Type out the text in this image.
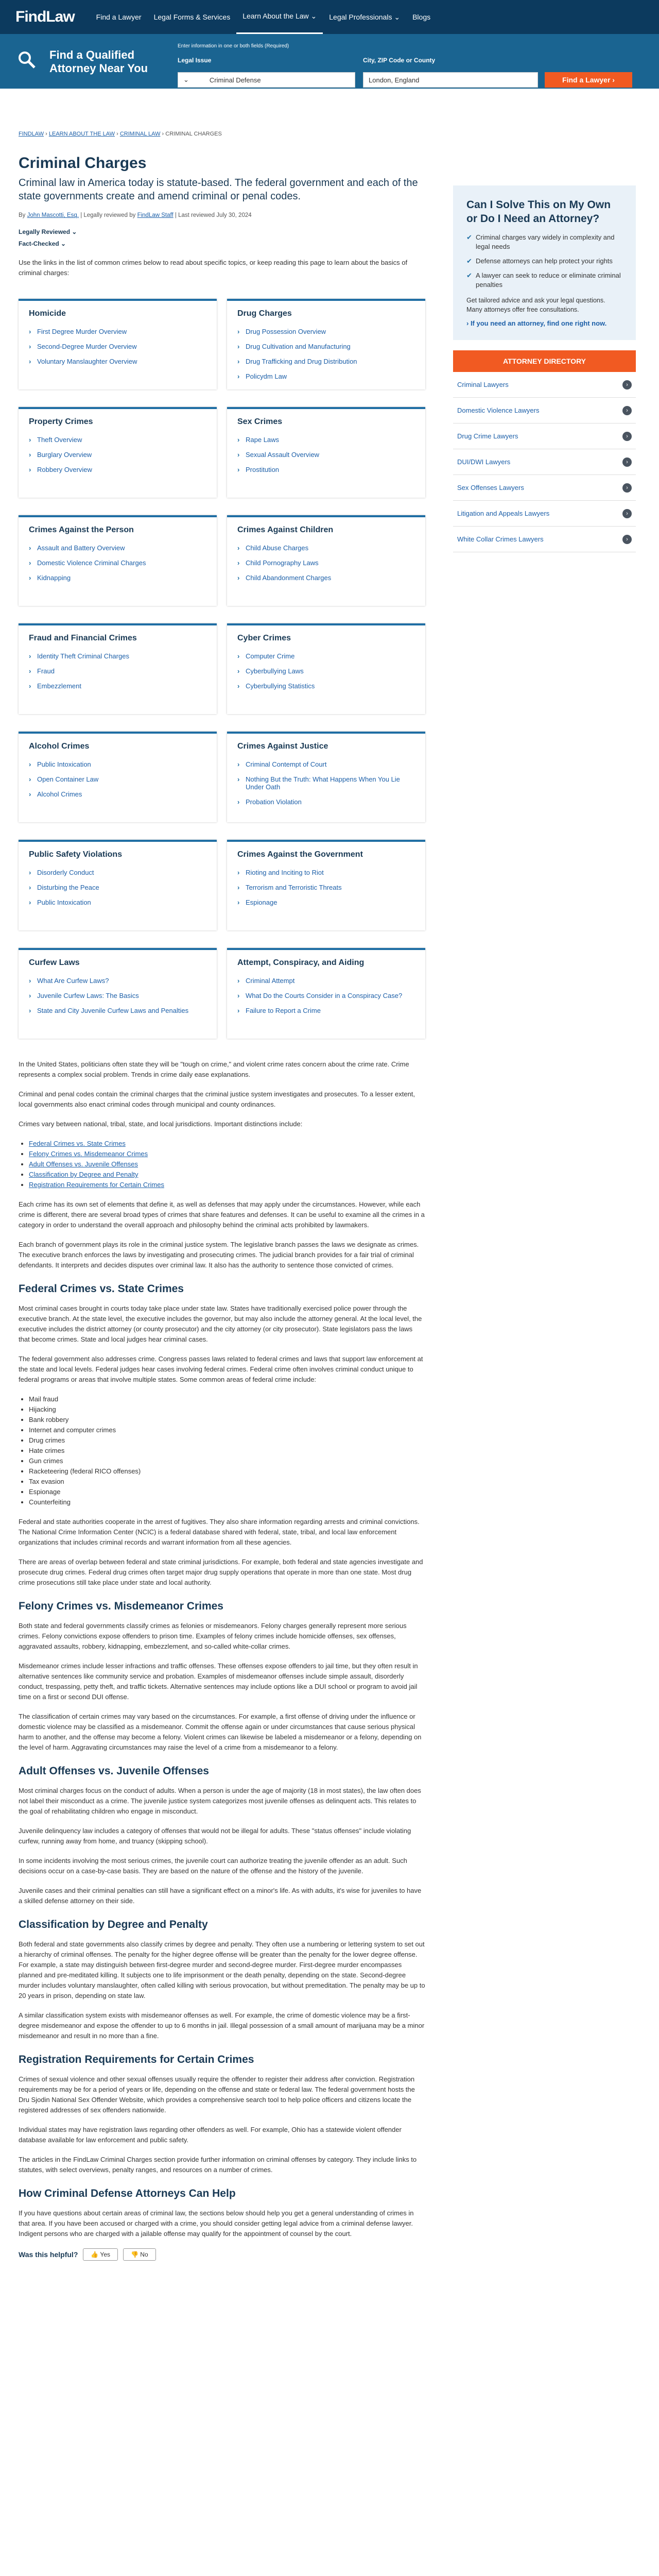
FindLaw	Find a Lawyer	Legal Forms & Services	Learn About the Law ⌄	Legal Professionals ⌄	Blogs
Find a Qualified Attorney Near You
Enter information in one or both fields (Required)
Legal Issue	City, ZIP Code or County
⌄	Criminal Defense	London, England	Find a Lawyer ›
FINDLAW › LEARN ABOUT THE LAW › CRIMINAL LAW › CRIMINAL CHARGES
Criminal Charges
Criminal law in America today is statute-based. The federal government and each of the state governments create and amend criminal or penal codes.
By John Mascotti, Esq. | Legally reviewed by FindLaw Staff | Last reviewed July 30, 2024
Legally Reviewed ⌄
Fact-Checked ⌄

Use the links in the list of common crimes below to read about specific topics, or keep reading this page to learn about the basics of criminal charges:

Homicide
› First Degree Murder Overview
› Second-Degree Murder Overview
› Voluntary Manslaughter Overview
Drug Charges
› Drug Possession Overview
› Drug Cultivation and Manufacturing
› Drug Trafficking and Drug Distribution
› Policydm Law
Property Crimes
› Theft Overview
› Burglary Overview
› Robbery Overview
Sex Crimes
› Rape Laws
› Sexual Assault Overview
› Prostitution
Crimes Against the Person
› Assault and Battery Overview
› Domestic Violence Criminal Charges
› Kidnapping
Crimes Against Children
› Child Abuse Charges
› Child Pornography Laws
› Child Abandonment Charges
Fraud and Financial Crimes
› Identity Theft Criminal Charges
› Fraud
› Embezzlement
Cyber Crimes
› Computer Crime
› Cyberbullying Laws
› Cyberbullying Statistics
Alcohol Crimes
› Public Intoxication
› Open Container Law
› Alcohol Crimes
Crimes Against Justice
› Criminal Contempt of Court
› Nothing But the Truth: What Happens When You Lie Under Oath
› Probation Violation
Public Safety Violations
› Disorderly Conduct
› Disturbing the Peace
› Public Intoxication
Crimes Against the Government
› Rioting and Inciting to Riot
› Terrorism and Terroristic Threats
› Espionage
Curfew Laws
› What Are Curfew Laws?
› Juvenile Curfew Laws: The Basics
› State and City Juvenile Curfew Laws and Penalties
Attempt, Conspiracy, and Aiding
› Criminal Attempt
› What Do the Courts Consider in a Conspiracy Case?
› Failure to Report a Crime

In the United States, politicians often state they will be "tough on crime," and violent crime rates concern about the crime rate. Crime represents a complex social problem. Trends in crime daily ease explanations.

Criminal and penal codes contain the criminal charges that the criminal justice system investigates and prosecutes. To a lesser extent, local governments also enact criminal codes through municipal and county ordinances.

Crimes vary between national, tribal, state, and local jurisdictions. Important distinctions include:

• Federal Crimes vs. State Crimes
• Felony Crimes vs. Misdemeanor Crimes
• Adult Offenses vs. Juvenile Offenses
• Classification by Degree and Penalty
• Registration Requirements for Certain Crimes

Each crime has its own set of elements that define it, as well as defenses that may apply under the circumstances. However, while each crime is different, there are several broad types of crimes that share features and defenses. It can be useful to examine all the crimes in a category in order to understand the overall approach and philosophy behind the criminal acts prohibited by lawmakers.

Each branch of government plays its role in the criminal justice system. The legislative branch passes the laws we designate as crimes. The executive branch enforces the laws by investigating and prosecuting crimes. The judicial branch provides for a fair trial of criminal defendants. It interprets and decides disputes over criminal law. It also has the authority to sentence those convicted of crimes.

Federal Crimes vs. State Crimes

Most criminal cases brought in courts today take place under state law. States have traditionally exercised police power through the executive branch. At the state level, the executive includes the governor, but may also include the attorney general. At the local level, the executive includes the district attorney (or county prosecutor) and the city attorney (or city prosecutor). State legislators pass the laws that become crimes. State and local judges hear criminal cases.

The federal government also addresses crime. Congress passes laws related to federal crimes and laws that support law enforcement at the state and local levels. Federal judges hear cases involving federal crimes. Federal crime often involves criminal conduct unique to federal programs or areas that involve multiple states. Some common areas of federal crime include:

• Mail fraud
• Hijacking
• Bank robbery
• Internet and computer crimes
• Drug crimes
• Hate crimes
• Gun crimes
• Racketeering (federal RICO offenses)
• Tax evasion
• Espionage
• Counterfeiting

Federal and state authorities cooperate in the arrest of fugitives. They also share information regarding arrests and criminal convictions. The National Crime Information Center (NCIC) is a federal database shared with federal, state, tribal, and local law enforcement organizations that includes criminal records and warrant information from all these agencies.

There are areas of overlap between federal and state criminal jurisdictions. For example, both federal and state agencies investigate and prosecute drug crimes. Federal drug crimes often target major drug supply operations that operate in more than one state. Most drug crime prosecutions still take place under state and local authority.

Felony Crimes vs. Misdemeanor Crimes

Both state and federal governments classify crimes as felonies or misdemeanors. Felony charges generally represent more serious crimes. Felony convictions expose offenders to prison time. Examples of felony crimes include homicide offenses, sex offenses, aggravated assaults, robbery, kidnapping, embezzlement, and so-called white-collar crimes.

Misdemeanor crimes include lesser infractions and traffic offenses. These offenses expose offenders to jail time, but they often result in alternative sentences like community service and probation. Examples of misdemeanor offenses include simple assault, disorderly conduct, trespassing, petty theft, and traffic tickets. Alternative sentences may include options like a DUI school or program to avoid jail time on a first or second DUI offense.

The classification of certain crimes may vary based on the circumstances. For example, a first offense of driving under the influence or domestic violence may be classified as a misdemeanor. Commit the offense again or under circumstances that cause serious physical harm to another, and the offense may become a felony. Violent crimes can likewise be labeled a misdemeanor or a felony, depending on the level of harm. Aggravating circumstances may raise the level of a crime from a misdemeanor to a felony.

Adult Offenses vs. Juvenile Offenses

Most criminal charges focus on the conduct of adults. When a person is under the age of majority (18 in most states), the law often does not label their misconduct as a crime. The juvenile justice system categorizes most juvenile offenses as delinquent acts. This relates to the goal of rehabilitating children who engage in misconduct.

Juvenile delinquency law includes a category of offenses that would not be illegal for adults. These "status offenses" include violating curfew, running away from home, and truancy (skipping school).

In some incidents involving the most serious crimes, the juvenile court can authorize treating the juvenile offender as an adult. Such decisions occur on a case-by-case basis. They are based on the nature of the offense and the history of the juvenile.

Juvenile cases and their criminal penalties can still have a significant effect on a minor's life. As with adults, it's wise for juveniles to have a skilled defense attorney on their side.

Classification by Degree and Penalty

Both federal and state governments also classify crimes by degree and penalty. They often use a numbering or lettering system to set out a hierarchy of criminal offenses. The penalty for the higher degree offense will be greater than the penalty for the lower degree offense. For example, a state may distinguish between first-degree murder and second-degree murder. First-degree murder encompasses planned and pre-meditated killing. It subjects one to life imprisonment or the death penalty, depending on the state. Second-degree murder includes voluntary manslaughter, often called killing with serious provocation, but without premeditation. The penalty may be up to 20 years in prison, depending on state law.

A similar classification system exists with misdemeanor offenses as well. For example, the crime of domestic violence may be a first-degree misdemeanor and expose the offender to up to 6 months in jail. Illegal possession of a small amount of marijuana may be a minor misdemeanor and result in no more than a fine.

Registration Requirements for Certain Crimes

Crimes of sexual violence and other sexual offenses usually require the offender to register their address after conviction. Registration requirements may be for a period of years or life, depending on the offense and state or federal law. The federal government hosts the Dru Sjodin National Sex Offender Website, which provides a comprehensive search tool to help police officers and citizens locate the registered addresses of sex offenders nationwide.

Individual states may have registration laws regarding other offenders as well. For example, Ohio has a statewide violent offender database available for law enforcement and public safety.

The articles in the FindLaw Criminal Charges section provide further information on criminal offenses by category. They include links to statutes, with select overviews, penalty ranges, and resources on a number of crimes.

How Criminal Defense Attorneys Can Help

If you have questions about certain areas of criminal law, the sections below should help you get a general understanding of crimes in that area. If you have been accused or charged with a crime, you should consider getting legal advice from a criminal defense lawyer. Indigent persons who are charged with a jailable offense may qualify for the appointment of counsel by the court.

Was this helpful?	👍 Yes	👎 No
Can I Solve This on My Own or Do I Need an Attorney?
✔ Criminal charges vary widely in complexity and legal needs
✔ Defense attorneys can help protect your rights
✔ A lawyer can seek to reduce or eliminate criminal penalties

Get tailored advice and ask your legal questions. Many attorneys offer free consultations.

› If you need an attorney, find one right now.
ATTORNEY DIRECTORY
Criminal Lawyers	›
Domestic Violence Lawyers	›
Drug Crime Lawyers	›
DUI/DWI Lawyers	›
Sex Offenses Lawyers	›
Litigation and Appeals Lawyers	›
White Collar Crimes Lawyers	›
